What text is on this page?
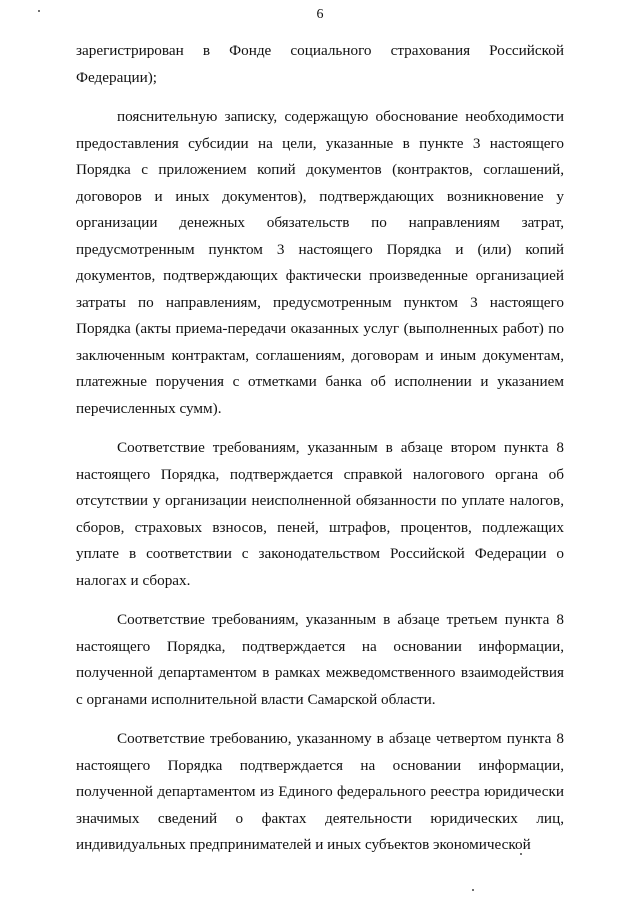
6

зарегистрирован в Фонде социального страхования Российской Федерации);

пояснительную записку, содержащую обоснование необходимости предоставления субсидии на цели, указанные в пункте 3 настоящего Порядка с приложением копий документов (контрактов, соглашений, договоров и иных документов), подтверждающих возникновение у организации денежных обязательств по направлениям затрат, предусмотренным пунктом 3 настоящего Порядка и (или) копий документов, подтверждающих фактически произведенные организацией затраты по направлениям, предусмотренным пунктом 3 настоящего Порядка (акты приема-передачи оказанных услуг (выполненных работ) по заключенным контрактам, соглашениям, договорам и иным документам, платежные поручения с отметками банка об исполнении и указанием перечисленных сумм).

Соответствие требованиям, указанным в абзаце втором пункта 8 настоящего Порядка, подтверждается справкой налогового органа об отсутствии у организации неисполненной обязанности по уплате налогов, сборов, страховых взносов, пеней, штрафов, процентов, подлежащих уплате в соответствии с законодательством Российской Федерации о налогах и сборах.

Соответствие требованиям, указанным в абзаце третьем пункта 8 настоящего Порядка, подтверждается на основании информации, полученной департаментом в рамках межведомственного взаимодействия с органами исполнительной власти Самарской области.

Соответствие требованию, указанному в абзаце четвертом пункта 8 настоящего Порядка подтверждается на основании информации, полученной департаментом из Единого федерального реестра юридически значимых сведений о фактах деятельности юридических лиц, индивидуальных предпринимателей и иных субъектов экономической
